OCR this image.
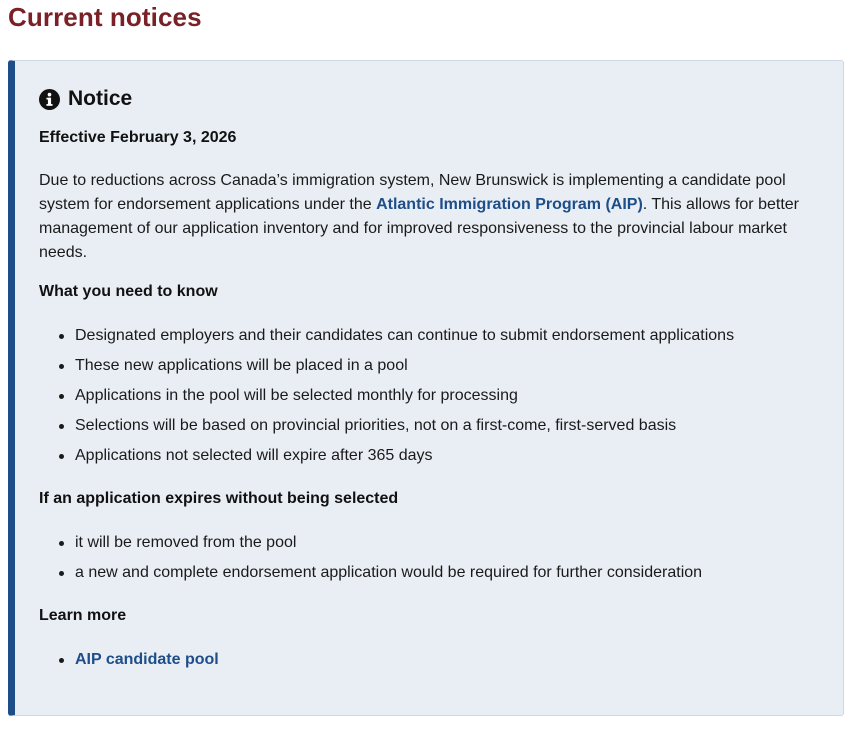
Current notices
Notice
Effective February 3, 2026

Due to reductions across Canada’s immigration system, New Brunswick is implementing a candidate pool system for endorsement applications under the Atlantic Immigration Program (AIP). This allows for better management of our application inventory and for improved responsiveness to the provincial labour market needs.

What you need to know
Designated employers and their candidates can continue to submit endorsement applications
These new applications will be placed in a pool
Applications in the pool will be selected monthly for processing
Selections will be based on provincial priorities, not on a first-come, first-served basis
Applications not selected will expire after 365 days
If an application expires without being selected
it will be removed from the pool
a new and complete endorsement application would be required for further consideration
Learn more
AIP candidate pool
